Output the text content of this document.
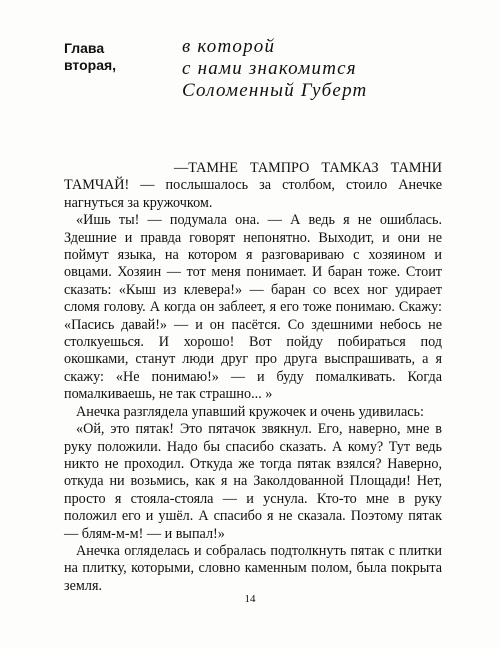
Глава
вторая,
в которой
с нами знакомится
Соломенный Губерт

—ТАМНЕ ТАМПРО ТАМКАЗ ТАМНИ ТАМЧАЙ! — послышалось за столбом, стоило Анечке нагнуться за кружочком.

«Ишь ты! — подумала она. — А ведь я не ошиблась. Здешние и правда говорят непонятно. Выходит, и они не поймут языка, на котором я разговариваю с хозяином и овцами. Хозяин — тот меня понимает. И баран тоже. Стоит сказать: «Кыш из клевера!» — баран со всех ног удирает сломя голову. А когда он заблеет, я его тоже понимаю. Скажу: «Пасись давай!» — и он пасётся. Со здешними небось не столкуешься. И хорошо! Вот пойду побираться под окошками, станут люди друг про друга выспрашивать, а я скажу: «Не понимаю!» — и буду помалкивать. Когда помалкиваешь, не так страшно... »

Анечка разглядела упавший кружочек и очень удивилась:

«Ой, это пятак! Это пятачок звякнул. Его, наверно, мне в руку положили. Надо бы спасибо сказать. А кому? Тут ведь никто не проходил. Откуда же тогда пятак взялся? Наверно, откуда ни возьмись, как я на Заколдованной Площади! Нет, просто я стояла-стояла — и уснула. Кто-то мне в руку положил его и ушёл. А спасибо я не сказала. Поэтому пятак — блям-м-м! — и выпал!»

Анечка огляделась и собралась подтолкнуть пятак с плитки на плитку, которыми, словно каменным полом, была покрыта земля.

14
